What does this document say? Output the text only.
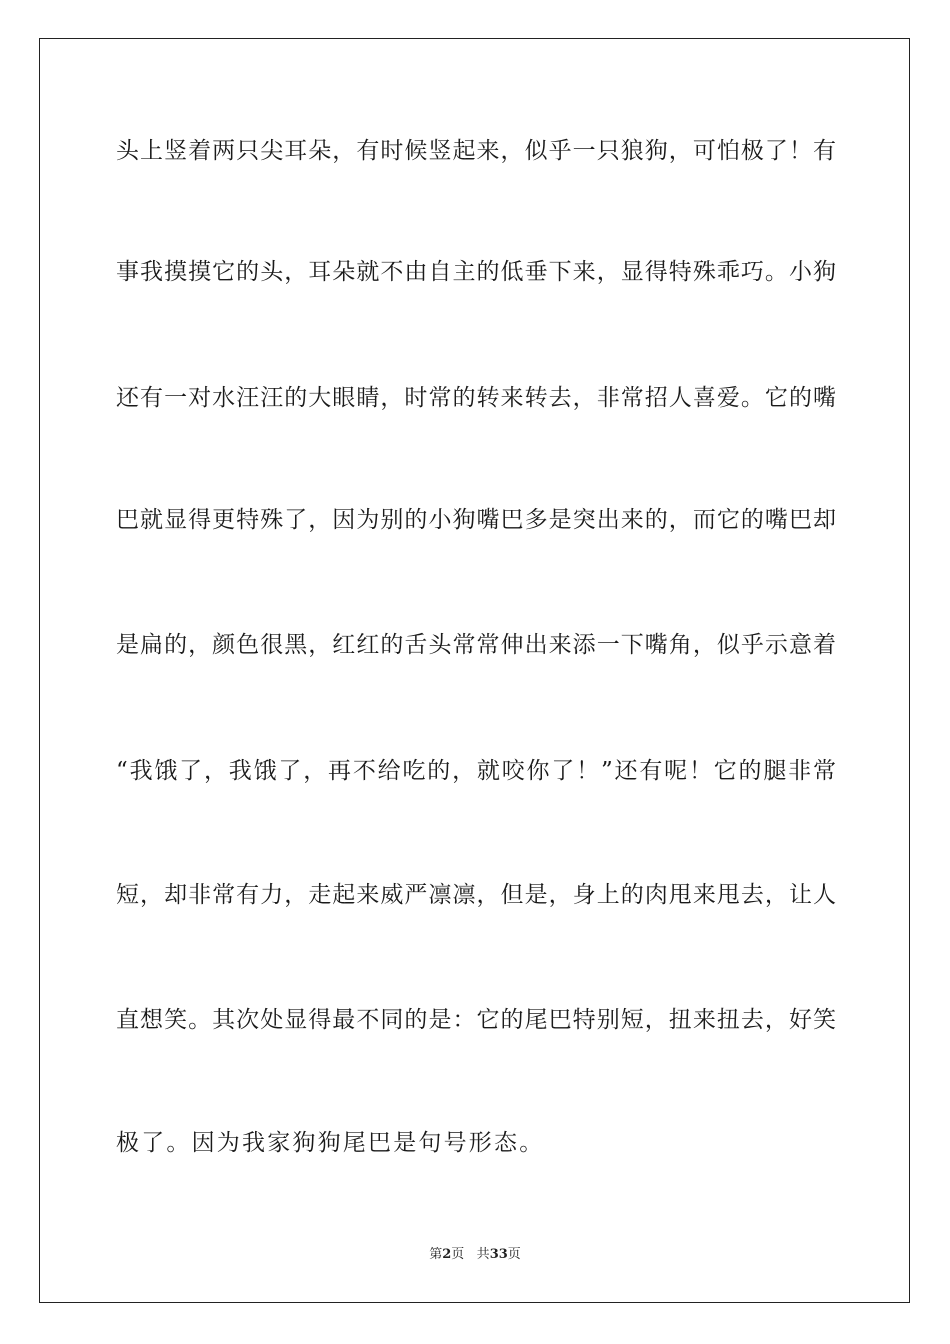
头上竖着两只尖耳朵，有时候竖起来，似乎一只狼狗，可怕极了！有
事我摸摸它的头，耳朵就不由自主的低垂下来，显得特殊乖巧。小狗
还有一对水汪汪的大眼睛，时常的转来转去，非常招人喜爱。它的嘴
巴就显得更特殊了，因为别的小狗嘴巴多是突出来的，而它的嘴巴却
是扁的，颜色很黑，红红的舌头常常伸出来添一下嘴角，似乎示意着
“我饿了，我饿了，再不给吃的，就咬你了！”还有呢！它的腿非常
短，却非常有力，走起来威严凛凛，但是，身上的肉甩来甩去，让人
直想笑。其次处显得最不同的是：它的尾巴特别短，扭来扭去，好笑
极了。因为我家狗狗尾巴是句号形态。
第2页 共33页
